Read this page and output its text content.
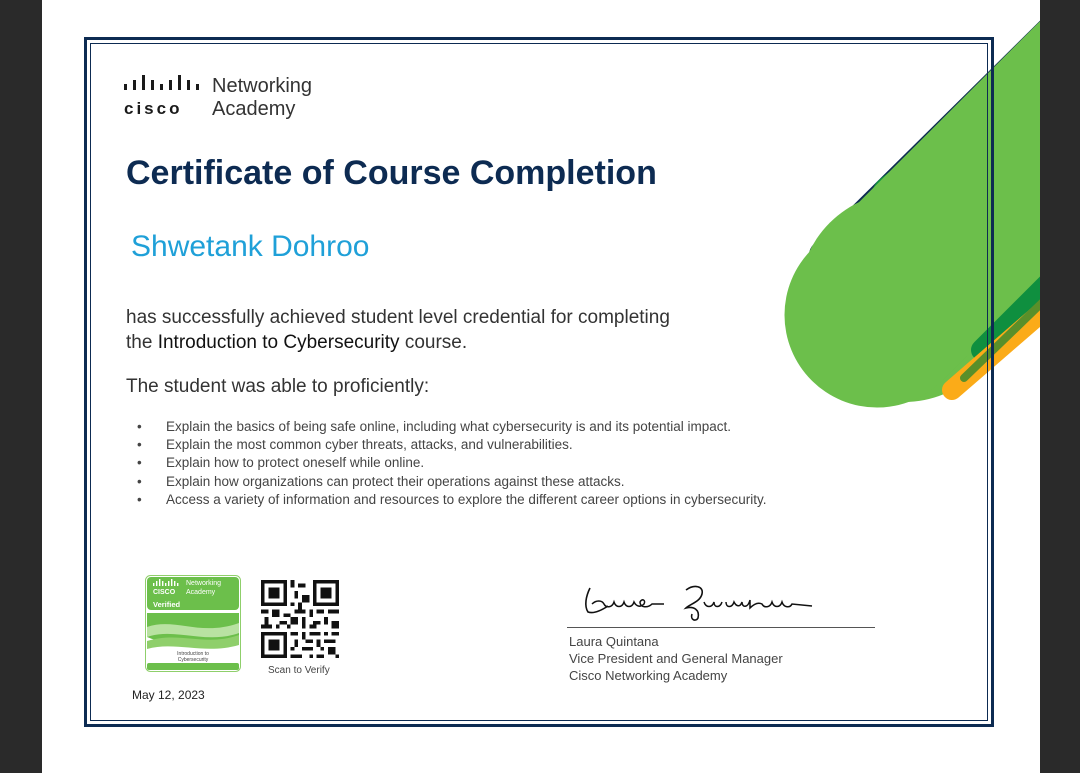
cisco
Networking
Academy
Certificate of Course Completion
Shwetank Dohroo
has successfully achieved student level credential for completing
the Introduction to Cybersecurity course.
The student was able to proficiently:
• Explain the basics of being safe online, including what cybersecurity is and its potential impact.
• Explain the most common cyber threats, attacks, and vulnerabilities.
• Explain how to protect oneself while online.
• Explain how organizations can protect their operations against these attacks.
• Access a variety of information and resources to explore the different career options in cybersecurity.
CISCO
Networking
Academy
Verified
Introduction to
Cybersecurity
Scan to Verify
May 12, 2023
Laura Quintana
Vice President and General Manager
Cisco Networking Academy
